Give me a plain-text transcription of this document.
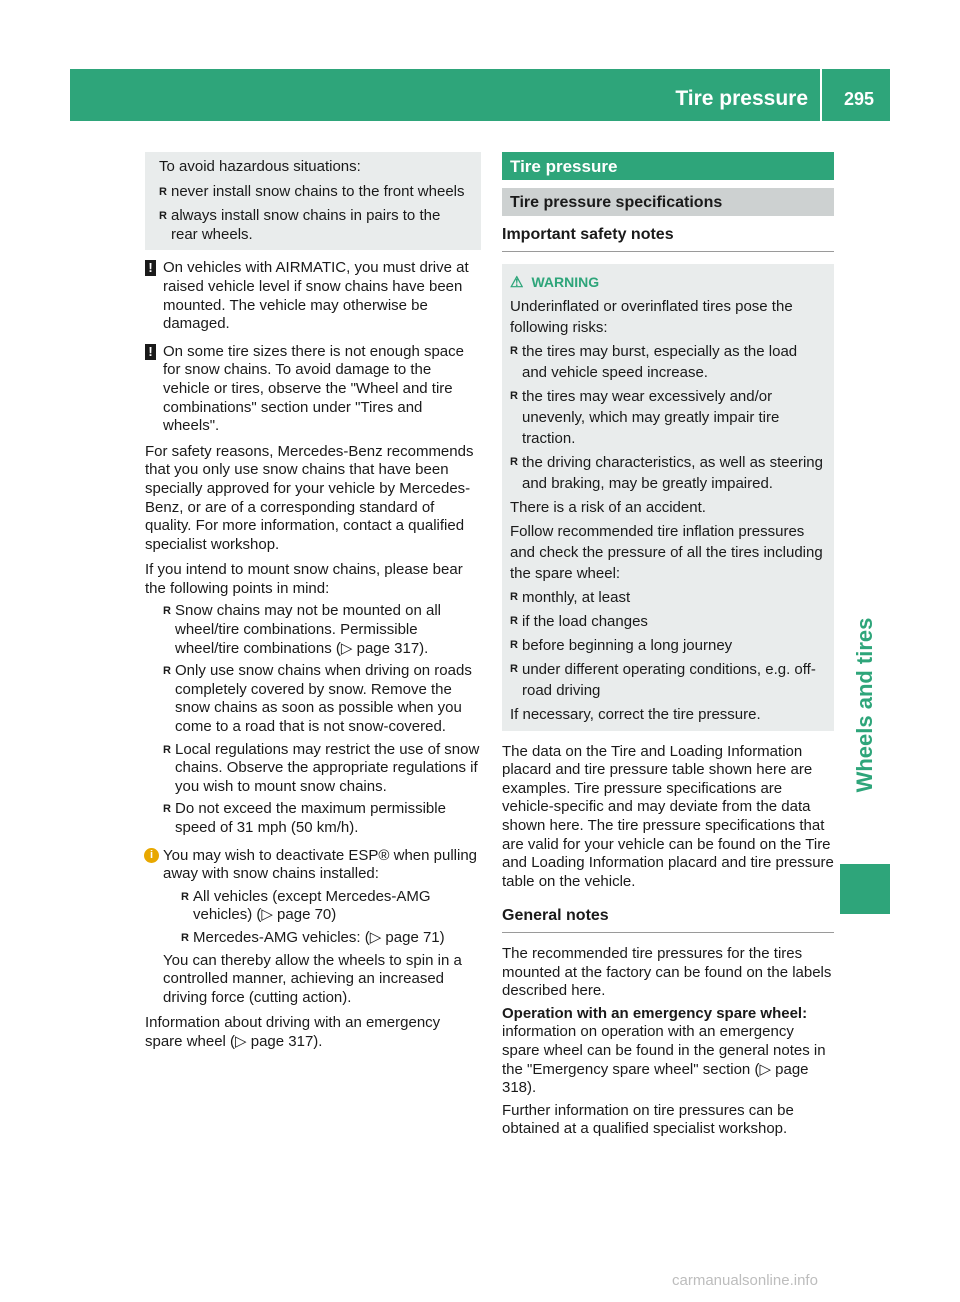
Tire pressure	295
Wheels and tires

To avoid hazardous situations:

R never install snow chains to the front wheels
R always install snow chains in pairs to the rear wheels.
! On vehicles with AIRMATIC, you must drive at raised vehicle level if snow chains have been mounted. The vehicle may otherwise be damaged.
! On some tire sizes there is not enough space for snow chains. To avoid damage to the vehicle or tires, observe the "Wheel and tire combinations" section under "Tires and wheels".

For safety reasons, Mercedes-Benz recommends that you only use snow chains that have been specially approved for your vehicle by Mercedes-Benz, or are of a corresponding standard of quality. For more information, contact a qualified specialist workshop.

If you intend to mount snow chains, please bear the following points in mind:

R Snow chains may not be mounted on all wheel/tire combinations. Permissible wheel/tire combinations (▷ page 317).
R Only use snow chains when driving on roads completely covered by snow. Remove the snow chains as soon as possible when you come to a road that is not snow-covered.
R Local regulations may restrict the use of snow chains. Observe the appropriate regulations if you wish to mount snow chains.
R Do not exceed the maximum permissible speed of 31 mph (50 km/h).
i You may wish to deactivate ESP® when pulling away with snow chains installed:
R All vehicles (except Mercedes-AMG vehicles) (▷ page 70)
R Mercedes-AMG vehicles: (▷ page 71)

You can thereby allow the wheels to spin in a controlled manner, achieving an increased driving force (cutting action).

Information about driving with an emergency spare wheel (▷ page 317).

Tire pressure
Tire pressure specifications
Important safety notes
⚠ WARNING

Underinflated or overinflated tires pose the following risks:

R the tires may burst, especially as the load and vehicle speed increase.
R the tires may wear excessively and/or unevenly, which may greatly impair tire traction.
R the driving characteristics, as well as steering and braking, may be greatly impaired.

There is a risk of an accident.

Follow recommended tire inflation pressures and check the pressure of all the tires including the spare wheel:

R monthly, at least
R if the load changes
R before beginning a long journey
R under different operating conditions, e.g. off-road driving

If necessary, correct the tire pressure.

The data on the Tire and Loading Information placard and tire pressure table shown here are examples. Tire pressure specifications are vehicle-specific and may deviate from the data shown here. The tire pressure specifications that are valid for your vehicle can be found on the Tire and Loading Information placard and tire pressure table on the vehicle.

General notes

The recommended tire pressures for the tires mounted at the factory can be found on the labels described here.

Operation with an emergency spare wheel: information on operation with an emergency spare wheel can be found in the general notes in the "Emergency spare wheel" section (▷ page 318).

Further information on tire pressures can be obtained at a qualified specialist workshop.

carmanualsonline.info
